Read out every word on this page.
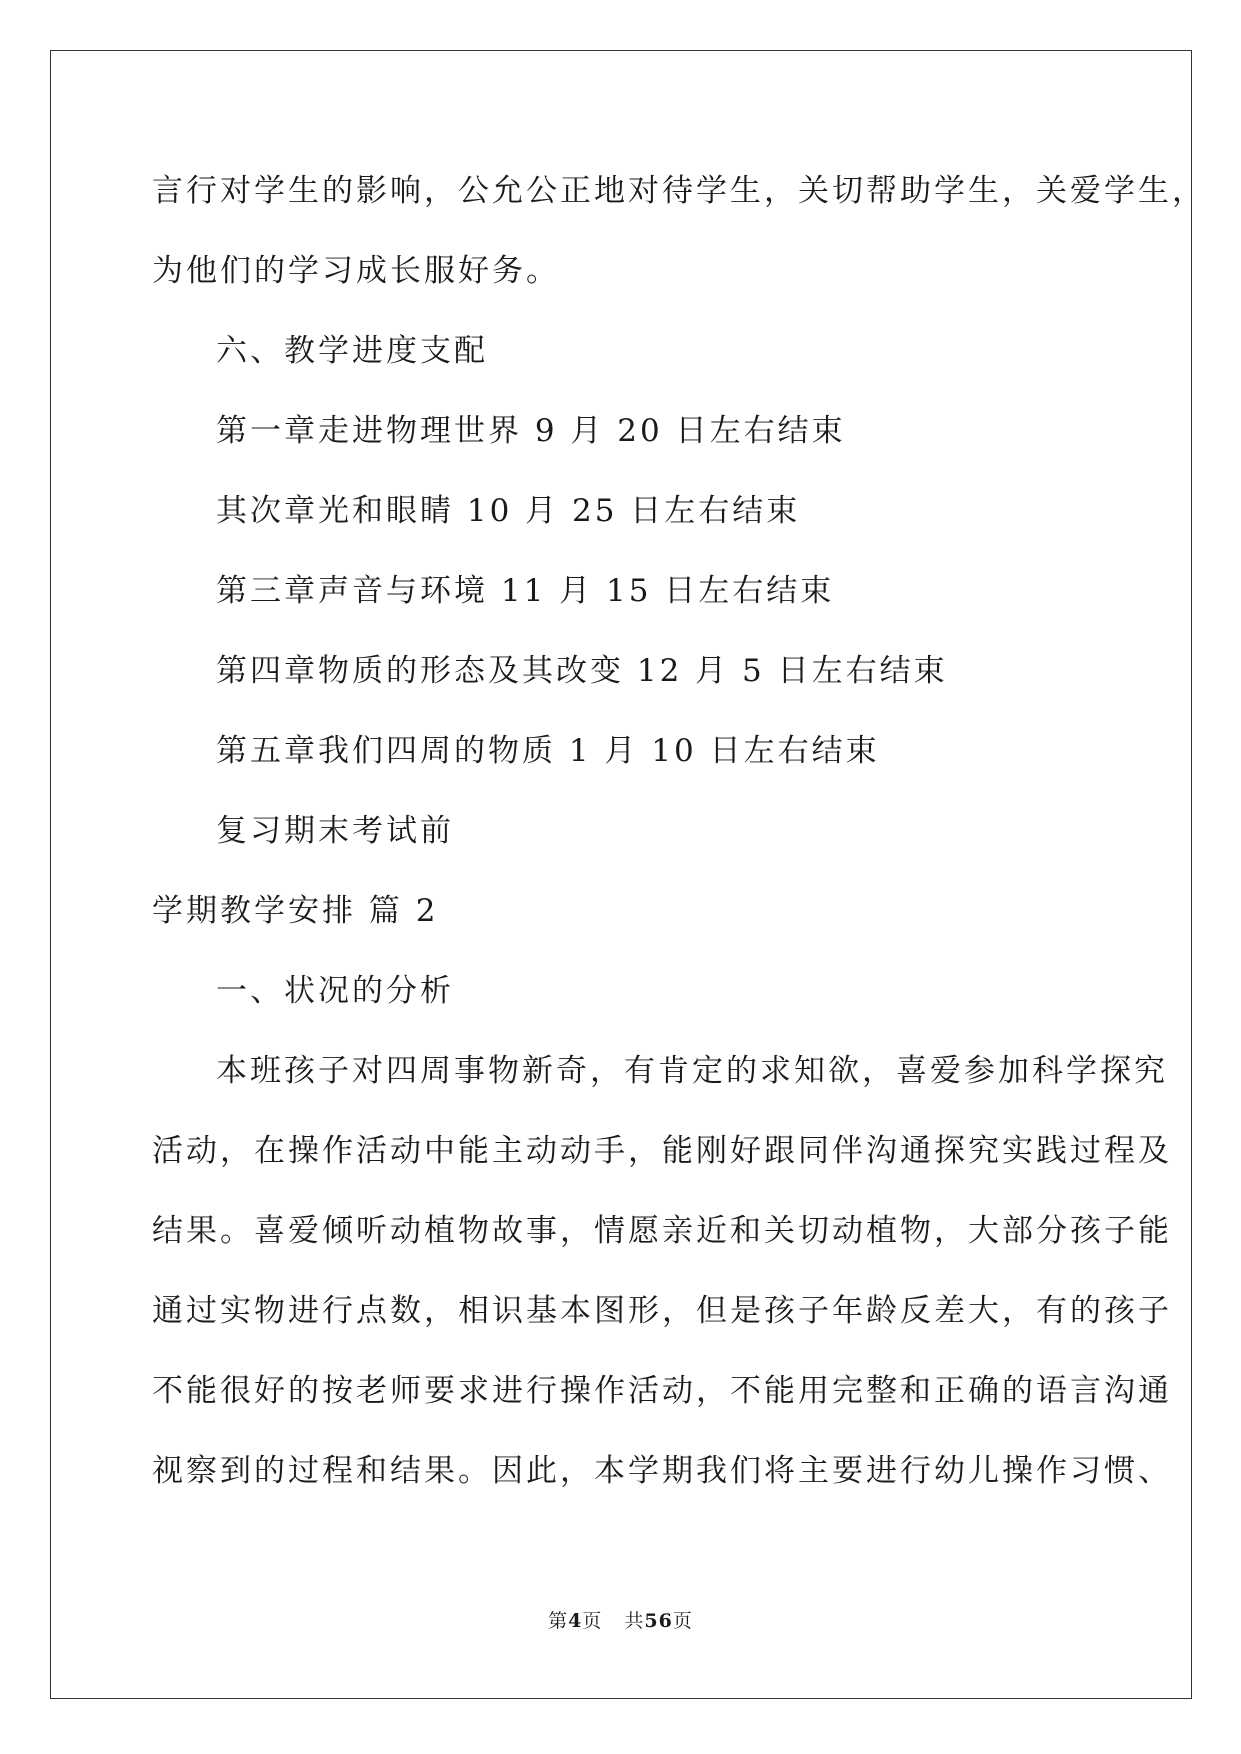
言行对学生的影响，公允公正地对待学生，关切帮助学生，关爱学生，
为他们的学习成长服好务。
六、教学进度支配
第一章走进物理世界 9 月 20 日左右结束
其次章光和眼睛 10 月 25 日左右结束
第三章声音与环境 11 月 15 日左右结束
第四章物质的形态及其改变 12 月 5 日左右结束
第五章我们四周的物质 1 月 10 日左右结束
复习期末考试前
学期教学安排 篇 2
一、状况的分析
本班孩子对四周事物新奇，有肯定的求知欲，喜爱参加科学探究
活动，在操作活动中能主动动手，能刚好跟同伴沟通探究实践过程及
结果。喜爱倾听动植物故事，情愿亲近和关切动植物，大部分孩子能
通过实物进行点数，相识基本图形，但是孩子年龄反差大，有的孩子
不能很好的按老师要求进行操作活动，不能用完整和正确的语言沟通
视察到的过程和结果。因此，本学期我们将主要进行幼儿操作习惯、
第4页 共56页
